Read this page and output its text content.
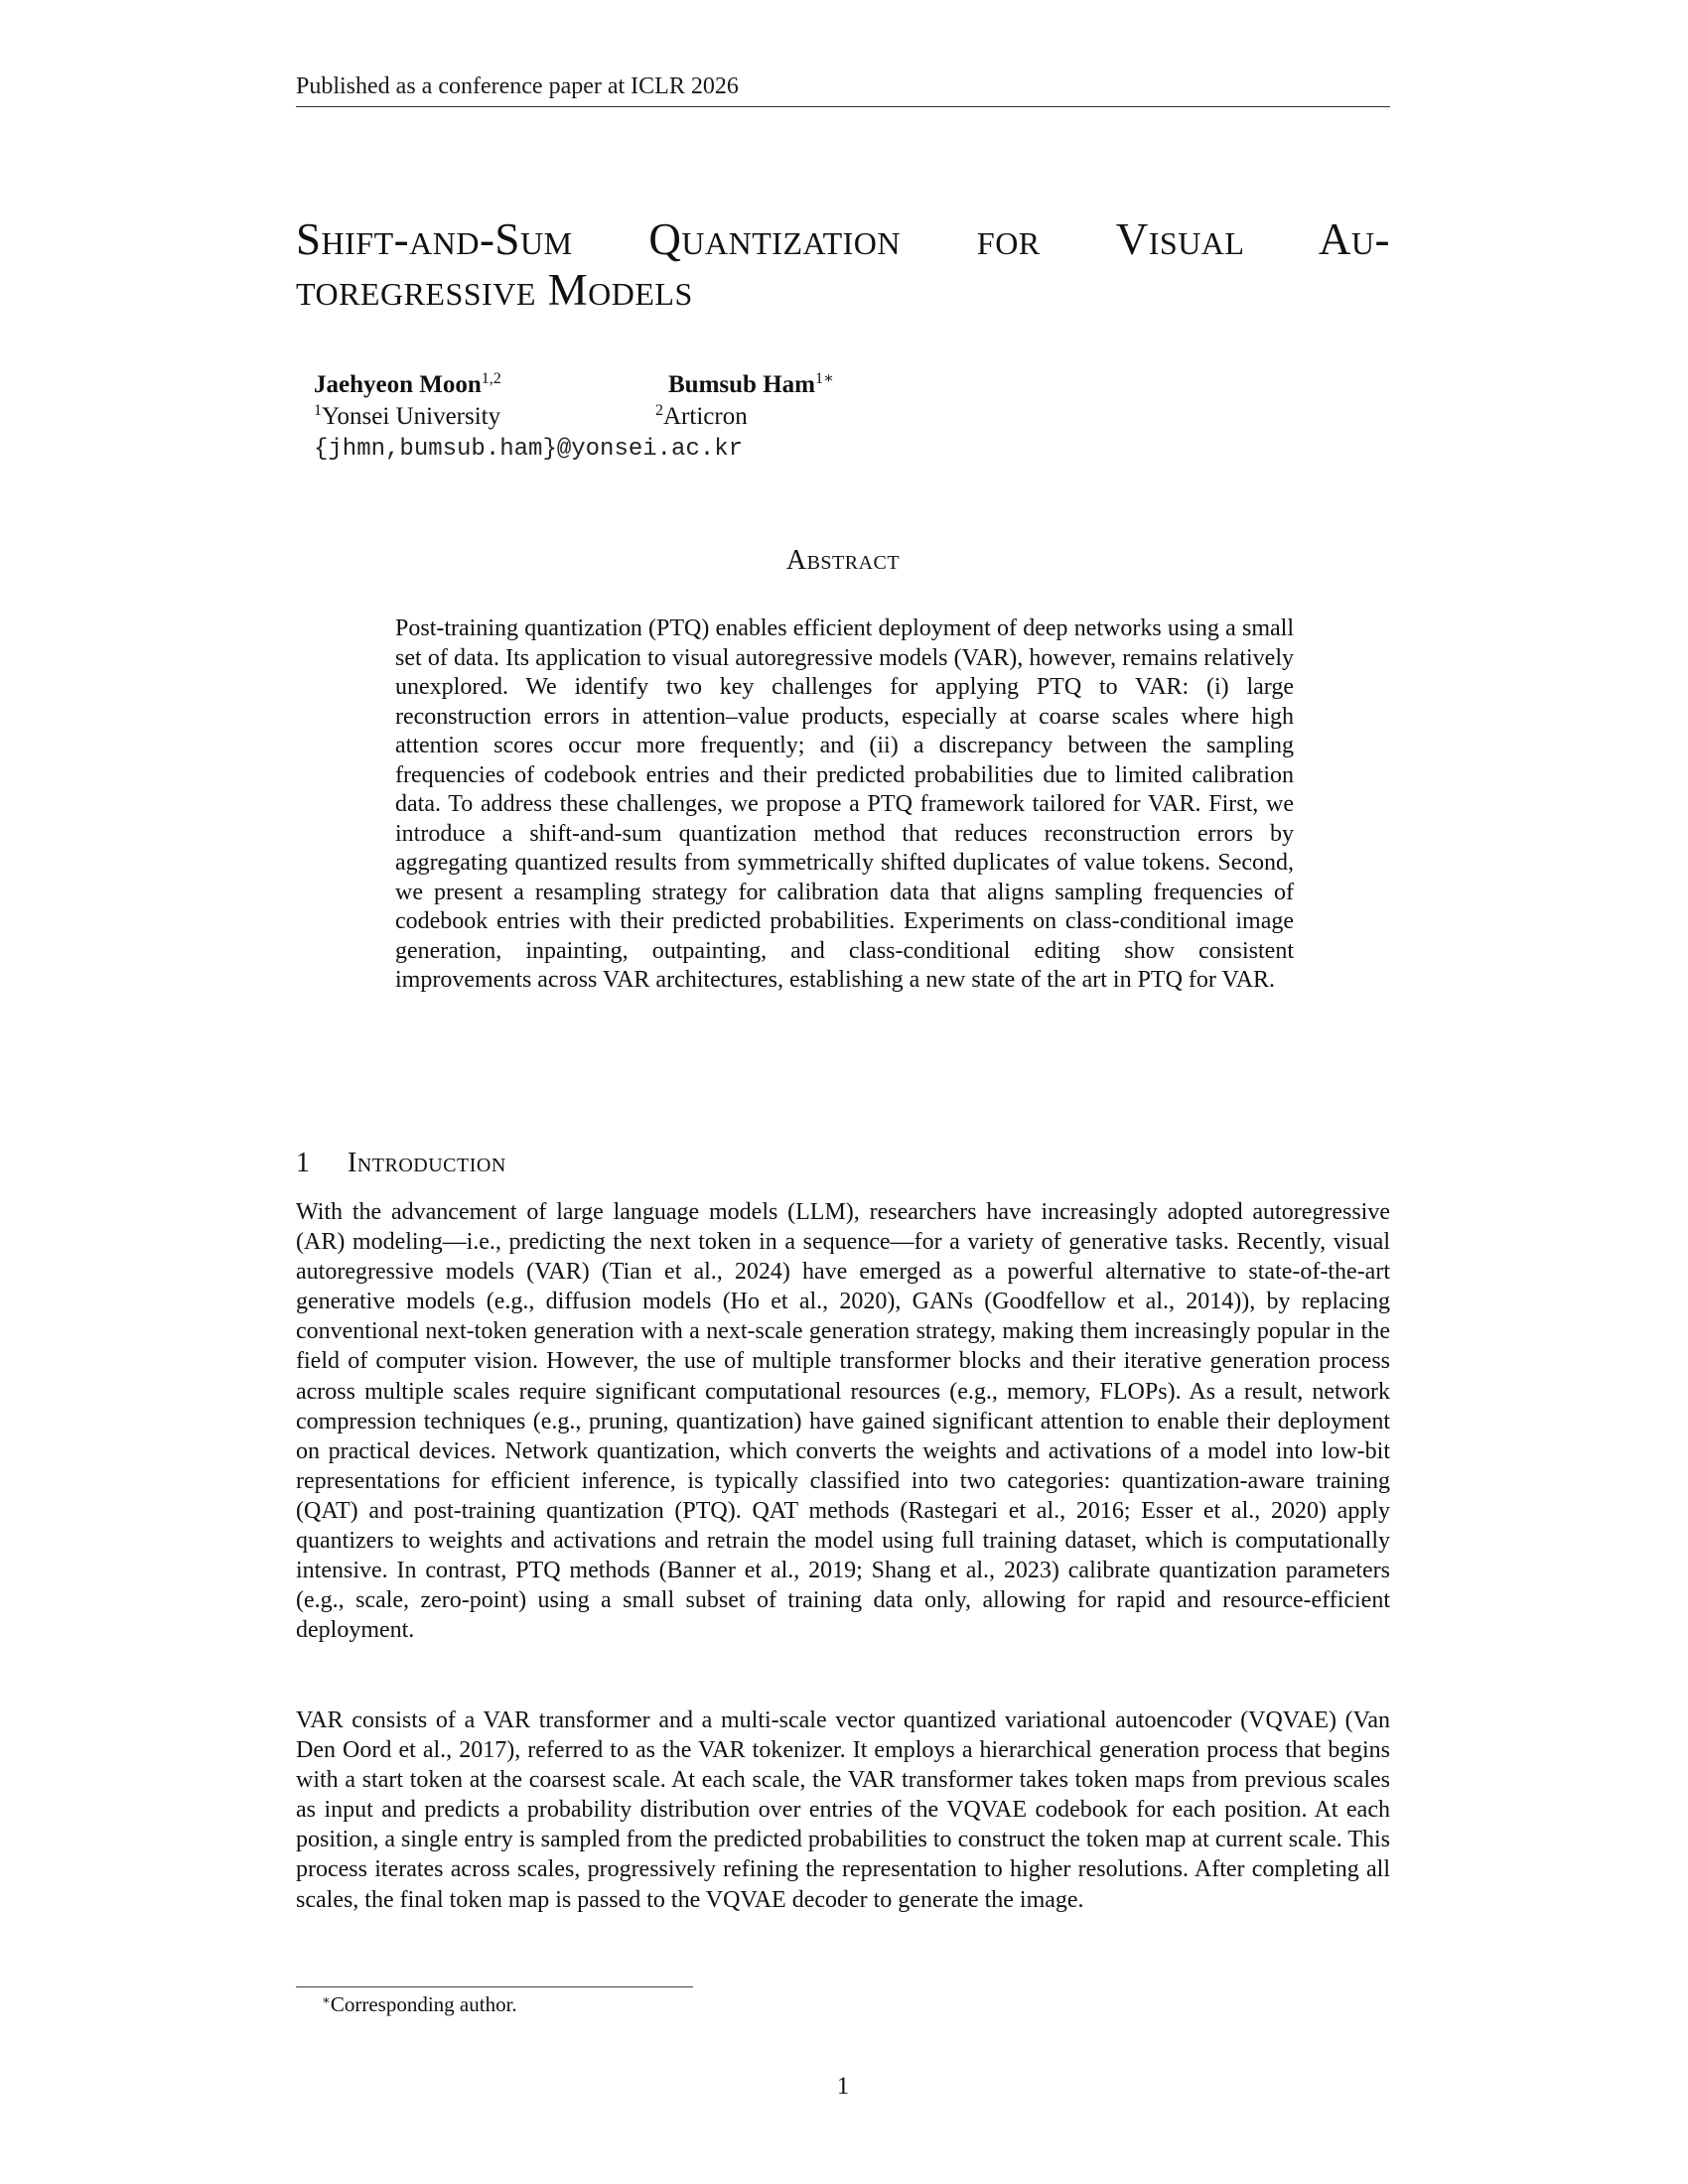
Published as a conference paper at ICLR 2026
Shift-and-Sum Quantization for Visual Au-
toregressive Models
Jaehyeon Moon$^{1,2}$	Bumsub Ham$^{1∗}$
$^1$Yonsei University	$^2$Articron
{jhmn,bumsub.ham}@yonsei.ac.kr
Abstract
Post-training quantization (PTQ) enables efficient deployment of deep networks using a small set of data. Its application to visual autoregressive models (VAR), however, remains relatively unexplored. We identify two key challenges for applying PTQ to VAR: (i) large reconstruction errors in attention–value products, especially at coarse scales where high attention scores occur more frequently; and (ii) a discrepancy between the sampling frequencies of codebook entries and their predicted probabilities due to limited calibration data. To address these challenges, we propose a PTQ framework tailored for VAR. First, we introduce a shift-and-sum quantization method that reduces reconstruction errors by aggregating quantized results from symmetrically shifted duplicates of value tokens. Second, we present a resampling strategy for calibration data that aligns sampling frequencies of codebook entries with their predicted probabilities. Experiments on class-conditional image generation, inpainting, outpainting, and class-conditional editing show consistent improvements across VAR architectures, establishing a new state of the art in PTQ for VAR.
1 Introduction
With the advancement of large language models (LLM), researchers have increasingly adopted autoregressive (AR) modeling—i.e., predicting the next token in a sequence—for a variety of generative tasks. Recently, visual autoregressive models (VAR) (Tian et al., 2024) have emerged as a powerful alternative to state-of-the-art generative models (e.g., diffusion models (Ho et al., 2020), GANs (Goodfellow et al., 2014)), by replacing conventional next-token generation with a next-scale generation strategy, making them increasingly popular in the field of computer vision. However, the use of multiple transformer blocks and their iterative generation process across multiple scales require significant computational resources (e.g., memory, FLOPs). As a result, network compression techniques (e.g., pruning, quantization) have gained significant attention to enable their deployment on practical devices. Network quantization, which converts the weights and activations of a model into low-bit representations for efficient inference, is typically classified into two categories: quantization-aware training (QAT) and post-training quantization (PTQ). QAT methods (Rastegari et al., 2016; Esser et al., 2020) apply quantizers to weights and activations and retrain the model using full training dataset, which is computationally intensive. In contrast, PTQ methods (Banner et al., 2019; Shang et al., 2023) calibrate quantization parameters (e.g., scale, zero-point) using a small subset of training data only, allowing for rapid and resource-efficient deployment.
VAR consists of a VAR transformer and a multi-scale vector quantized variational autoencoder (VQVAE) (Van Den Oord et al., 2017), referred to as the VAR tokenizer. It employs a hierarchical generation process that begins with a start token at the coarsest scale. At each scale, the VAR transformer takes token maps from previous scales as input and predicts a probability distribution over entries of the VQVAE codebook for each position. At each position, a single entry is sampled from the predicted probabilities to construct the token map at current scale. This process iterates across scales, progressively refining the representation to higher resolutions. After completing all scales, the final token map is passed to the VQVAE decoder to generate the image.
∗Corresponding author.
1
